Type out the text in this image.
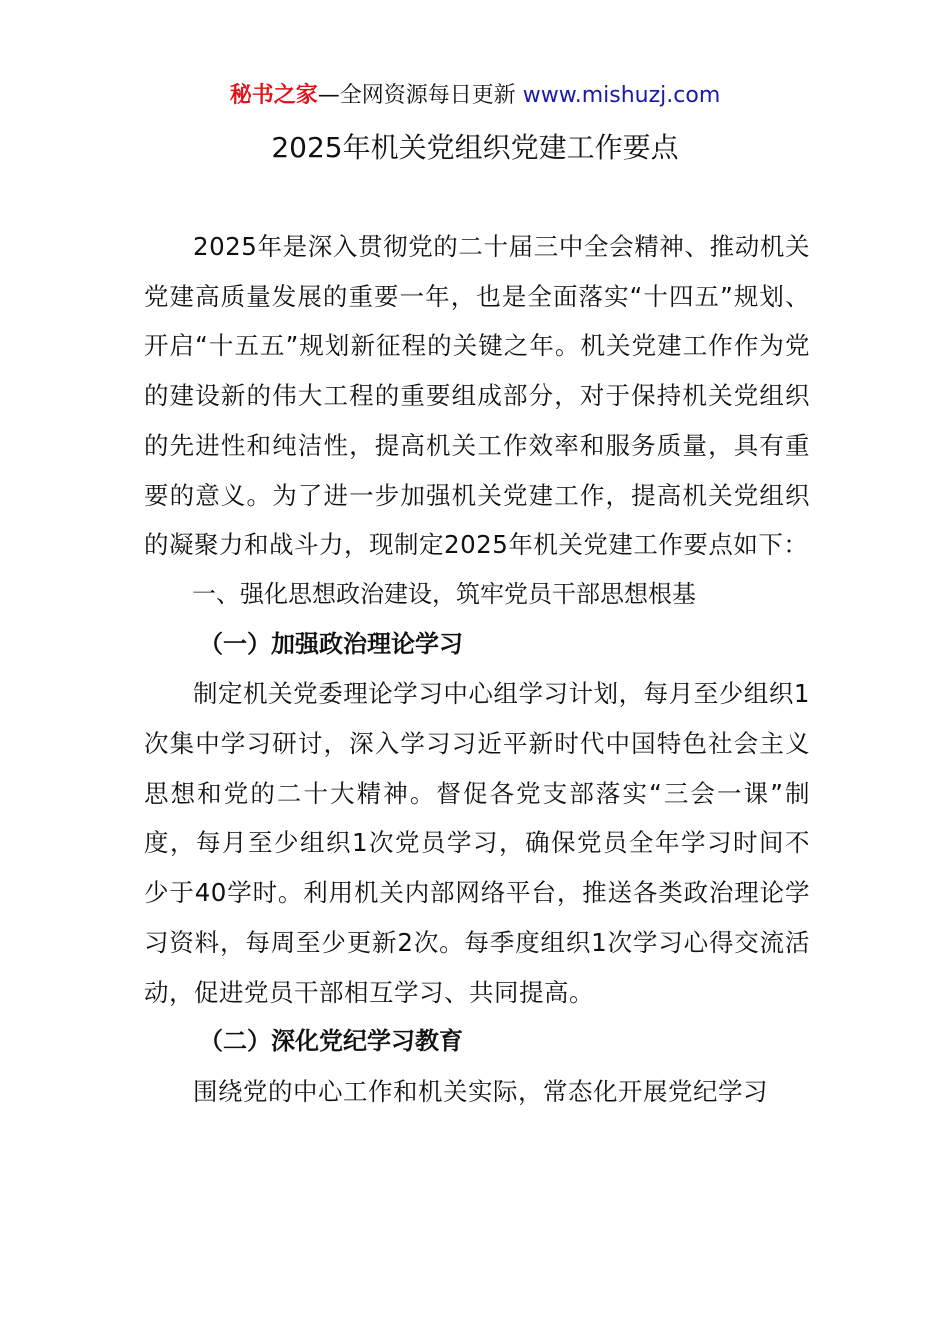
秘书之家—全网资源每日更新 www.mishuzj.com
2025年机关党组织党建工作要点

2025年是深入贯彻党的二十届三中全会精神、推动机关党建高质量发展的重要一年，也是全面落实“十四五”规划、开启“十五五”规划新征程的关键之年。机关党建工作作为党的建设新的伟大工程的重要组成部分，对于保持机关党组织的先进性和纯洁性，提高机关工作效率和服务质量，具有重要的意义。为了进一步加强机关党建工作，提高机关党组织的凝聚力和战斗力，现制定2025年机关党建工作要点如下：

一、强化思想政治建设，筑牢党员干部思想根基

（一）加强政治理论学习

制定机关党委理论学习中心组学习计划，每月至少组织1次集中学习研讨，深入学习习近平新时代中国特色社会主义思想和党的二十大精神。督促各党支部落实“三会一课”制度，每月至少组织1次党员学习，确保党员全年学习时间不少于40学时。利用机关内部网络平台，推送各类政治理论学习资料，每周至少更新2次。每季度组织1次学习心得交流活动，促进党员干部相互学习、共同提高。

（二）深化党纪学习教育

围绕党的中心工作和机关实际，常态化开展党纪学习
